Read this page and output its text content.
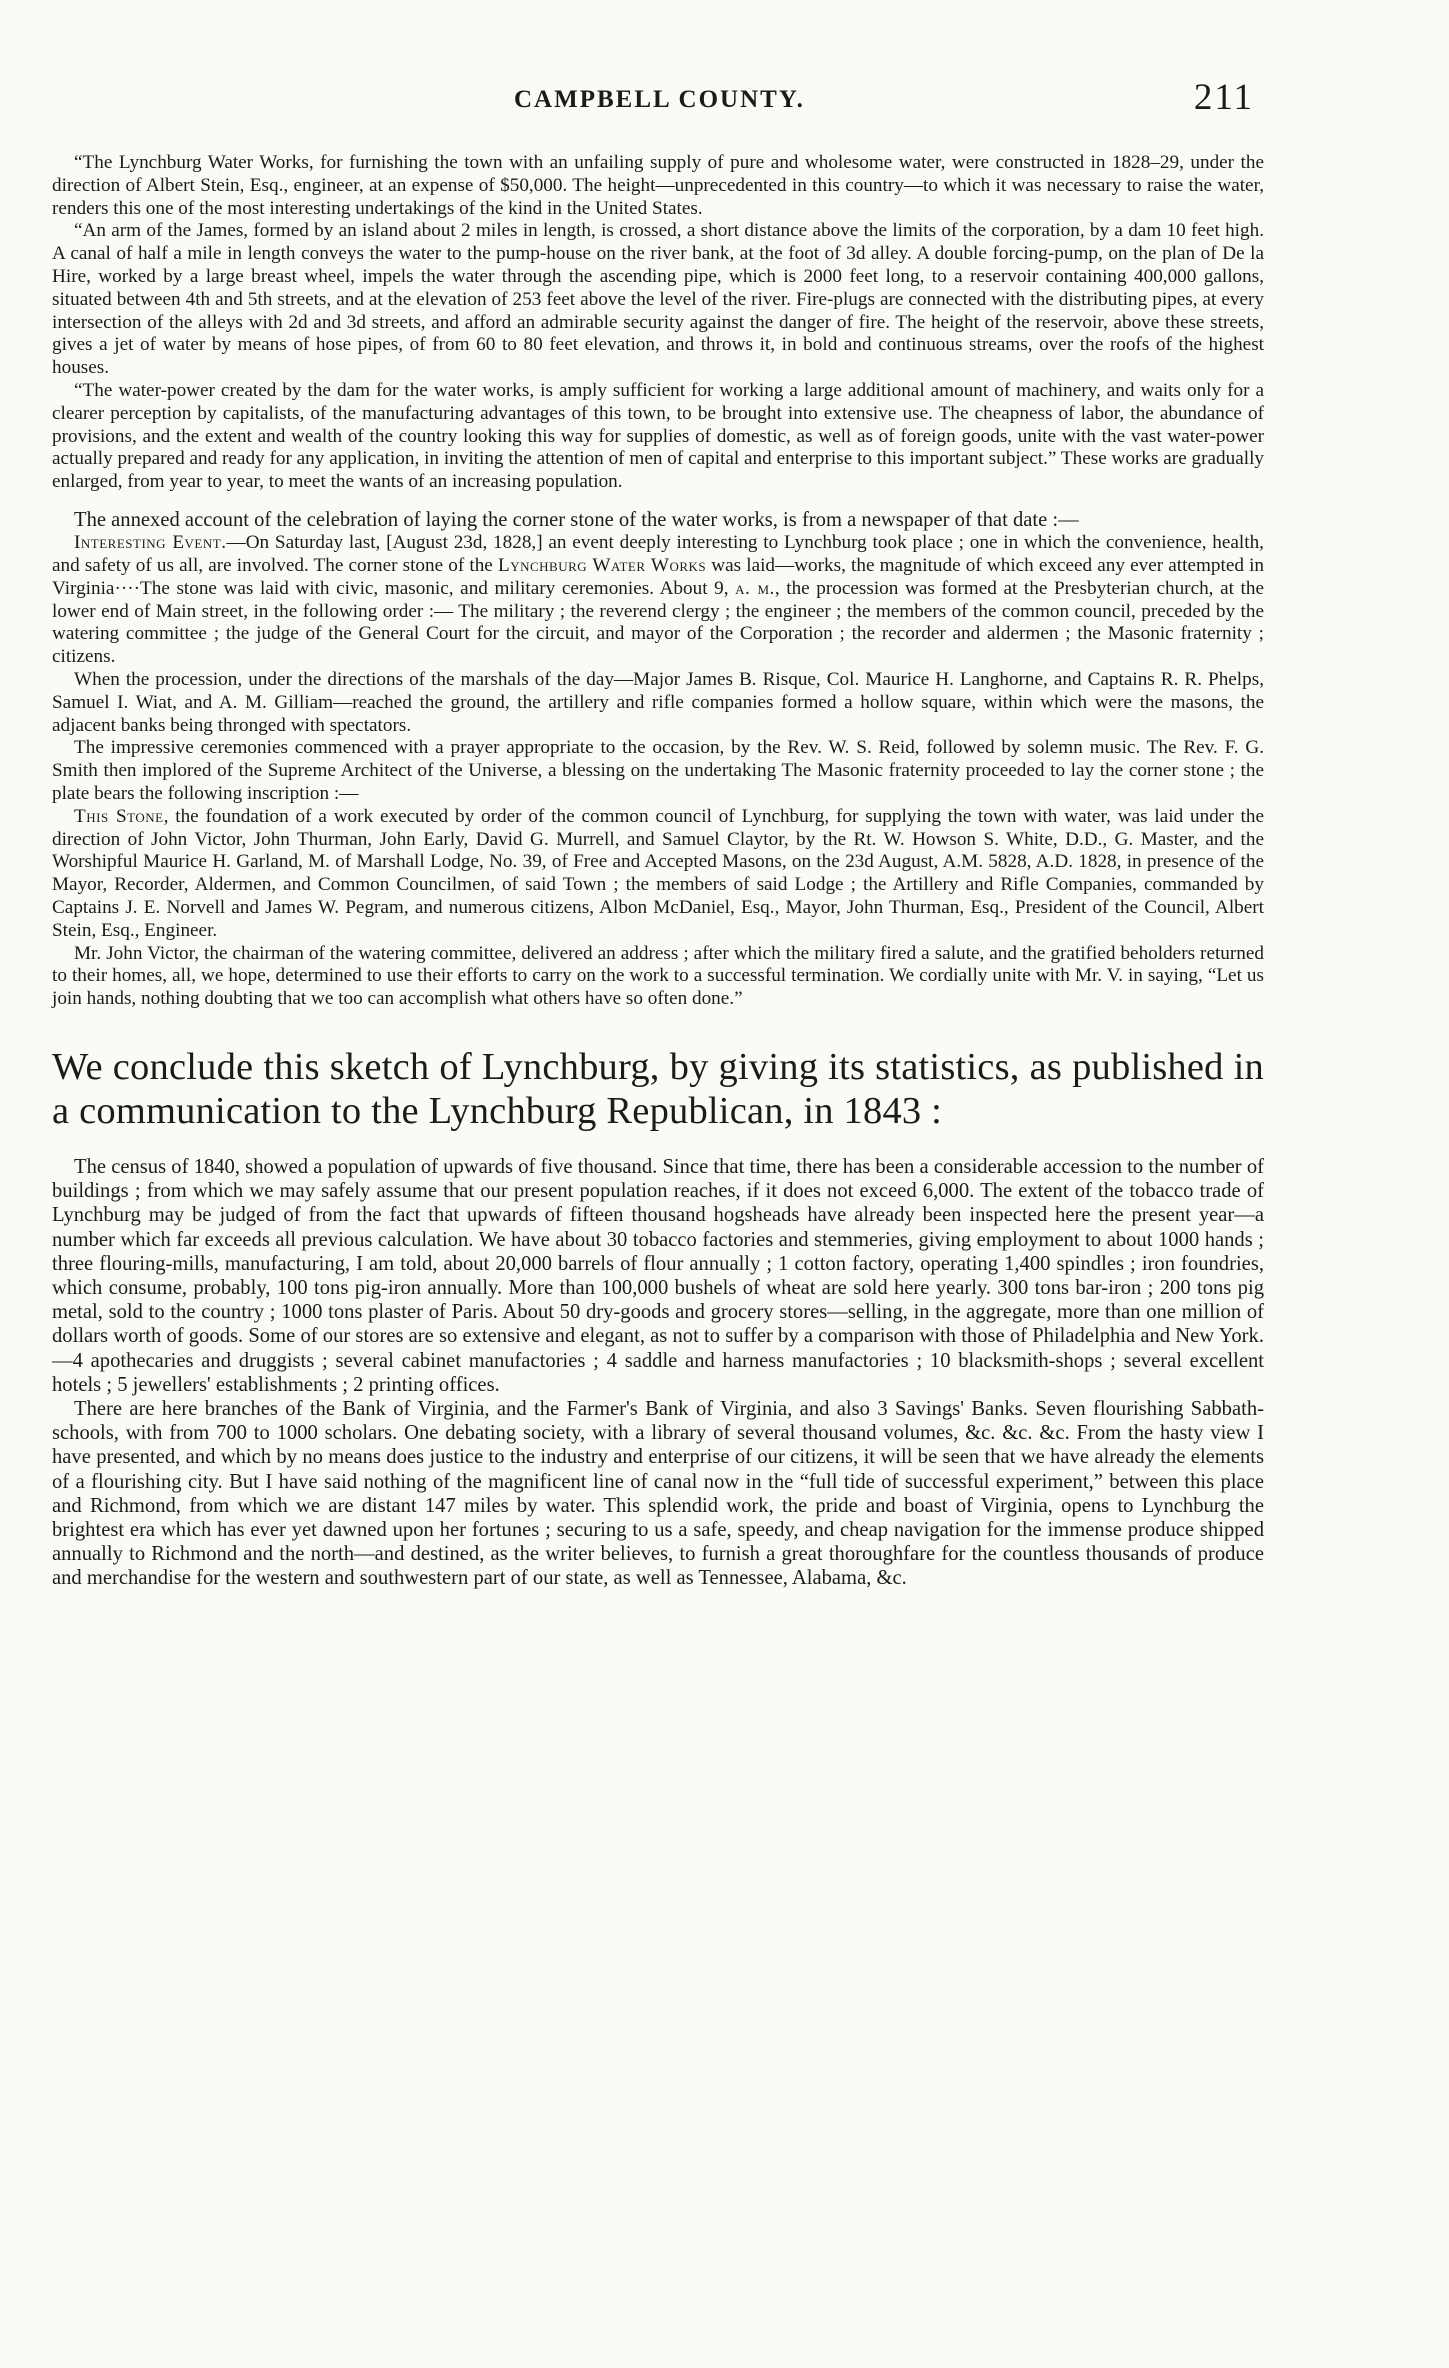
CAMPBELL COUNTY.	211

“The Lynchburg Water Works, for furnishing the town with an unfailing supply of pure and wholesome water, were constructed in 1828–29, under the direction of Albert Stein, Esq., engineer, at an expense of $50,000. The height—unprecedented in this country—to which it was necessary to raise the water, renders this one of the most interesting undertakings of the kind in the United States.

“An arm of the James, formed by an island about 2 miles in length, is crossed, a short distance above the limits of the corporation, by a dam 10 feet high. A canal of half a mile in length conveys the water to the pump-house on the river bank, at the foot of 3d alley. A double forcing-pump, on the plan of De la Hire, worked by a large breast wheel, impels the water through the ascending pipe, which is 2000 feet long, to a reservoir containing 400,000 gallons, situated between 4th and 5th streets, and at the elevation of 253 feet above the level of the river. Fire-plugs are connected with the distributing pipes, at every intersection of the alleys with 2d and 3d streets, and afford an admirable security against the danger of fire. The height of the reservoir, above these streets, gives a jet of water by means of hose pipes, of from 60 to 80 feet elevation, and throws it, in bold and continuous streams, over the roofs of the highest houses.

“The water-power created by the dam for the water works, is amply sufficient for working a large additional amount of machinery, and waits only for a clearer perception by capitalists, of the manufacturing advantages of this town, to be brought into extensive use. The cheapness of labor, the abundance of provisions, and the extent and wealth of the country looking this way for supplies of domestic, as well as of foreign goods, unite with the vast water-power actually prepared and ready for any application, in inviting the attention of men of capital and enterprise to this important subject.” These works are gradually enlarged, from year to year, to meet the wants of an increasing population.

The annexed account of the celebration of laying the corner stone of the water works, is from a newspaper of that date :—

Interesting Event.—On Saturday last, [August 23d, 1828,] an event deeply interesting to Lynchburg took place ; one in which the convenience, health, and safety of us all, are involved. The corner stone of the Lynchburg Water Works was laid—works, the magnitude of which exceed any ever attempted in Virginia····The stone was laid with civic, masonic, and military ceremonies. About 9, a. m., the procession was formed at the Presbyterian church, at the lower end of Main street, in the following order :— The military ; the reverend clergy ; the engineer ; the members of the common council, preceded by the watering committee ; the judge of the General Court for the circuit, and mayor of the Corporation ; the recorder and aldermen ; the Masonic fraternity ; citizens.

When the procession, under the directions of the marshals of the day—Major James B. Risque, Col. Maurice H. Langhorne, and Captains R. R. Phelps, Samuel I. Wiat, and A. M. Gilliam—reached the ground, the artillery and rifle companies formed a hollow square, within which were the masons, the adjacent banks being thronged with spectators.

The impressive ceremonies commenced with a prayer appropriate to the occasion, by the Rev. W. S. Reid, followed by solemn music. The Rev. F. G. Smith then implored of the Supreme Architect of the Universe, a blessing on the undertaking The Masonic fraternity proceeded to lay the corner stone ; the plate bears the following inscription :—

This Stone, the foundation of a work executed by order of the common council of Lynchburg, for supplying the town with water, was laid under the direction of John Victor, John Thurman, John Early, David G. Murrell, and Samuel Claytor, by the Rt. W. Howson S. White, D.D., G. Master, and the Worshipful Maurice H. Garland, M. of Marshall Lodge, No. 39, of Free and Accepted Masons, on the 23d August, A.M. 5828, A.D. 1828, in presence of the Mayor, Recorder, Aldermen, and Common Councilmen, of said Town ; the members of said Lodge ; the Artillery and Rifle Companies, commanded by Captains J. E. Norvell and James W. Pegram, and numerous citizens, Albon McDaniel, Esq., Mayor, John Thurman, Esq., President of the Council, Albert Stein, Esq., Engineer.

Mr. John Victor, the chairman of the watering committee, delivered an address ; after which the military fired a salute, and the gratified beholders returned to their homes, all, we hope, determined to use their efforts to carry on the work to a successful termination. We cordially unite with Mr. V. in saying, “Let us join hands, nothing doubting that we too can accomplish what others have so often done.”

We conclude this sketch of Lynchburg, by giving its statistics, as published in a communication to the Lynchburg Republican, in 1843 :

The census of 1840, showed a population of upwards of five thousand. Since that time, there has been a considerable accession to the number of buildings ; from which we may safely assume that our present population reaches, if it does not exceed 6,000. The extent of the tobacco trade of Lynchburg may be judged of from the fact that upwards of fifteen thousand hogsheads have already been inspected here the present year—a number which far exceeds all previous calculation. We have about 30 tobacco factories and stemmeries, giving employment to about 1000 hands ; three flouring-mills, manufacturing, I am told, about 20,000 barrels of flour annually ; 1 cotton factory, operating 1,400 spindles ; iron foundries, which consume, probably, 100 tons pig-iron annually. More than 100,000 bushels of wheat are sold here yearly. 300 tons bar-iron ; 200 tons pig metal, sold to the country ; 1000 tons plaster of Paris. About 50 dry-goods and grocery stores—selling, in the aggregate, more than one million of dollars worth of goods. Some of our stores are so extensive and elegant, as not to suffer by a comparison with those of Philadelphia and New York.—4 apothecaries and druggists ; several cabinet manufactories ; 4 saddle and harness manufactories ; 10 blacksmith-shops ; several excellent hotels ; 5 jewellers' establishments ; 2 printing offices.

There are here branches of the Bank of Virginia, and the Farmer's Bank of Virginia, and also 3 Savings' Banks. Seven flourishing Sabbath-schools, with from 700 to 1000 scholars. One debating society, with a library of several thousand volumes, &c. &c. &c. From the hasty view I have presented, and which by no means does justice to the industry and enterprise of our citizens, it will be seen that we have already the elements of a flourishing city. But I have said nothing of the magnificent line of canal now in the “full tide of successful experiment,” between this place and Richmond, from which we are distant 147 miles by water. This splendid work, the pride and boast of Virginia, opens to Lynchburg the brightest era which has ever yet dawned upon her fortunes ; securing to us a safe, speedy, and cheap navigation for the immense produce shipped annually to Richmond and the north—and destined, as the writer believes, to furnish a great thoroughfare for the countless thousands of produce and merchandise for the western and southwestern part of our state, as well as Tennessee, Alabama, &c.
